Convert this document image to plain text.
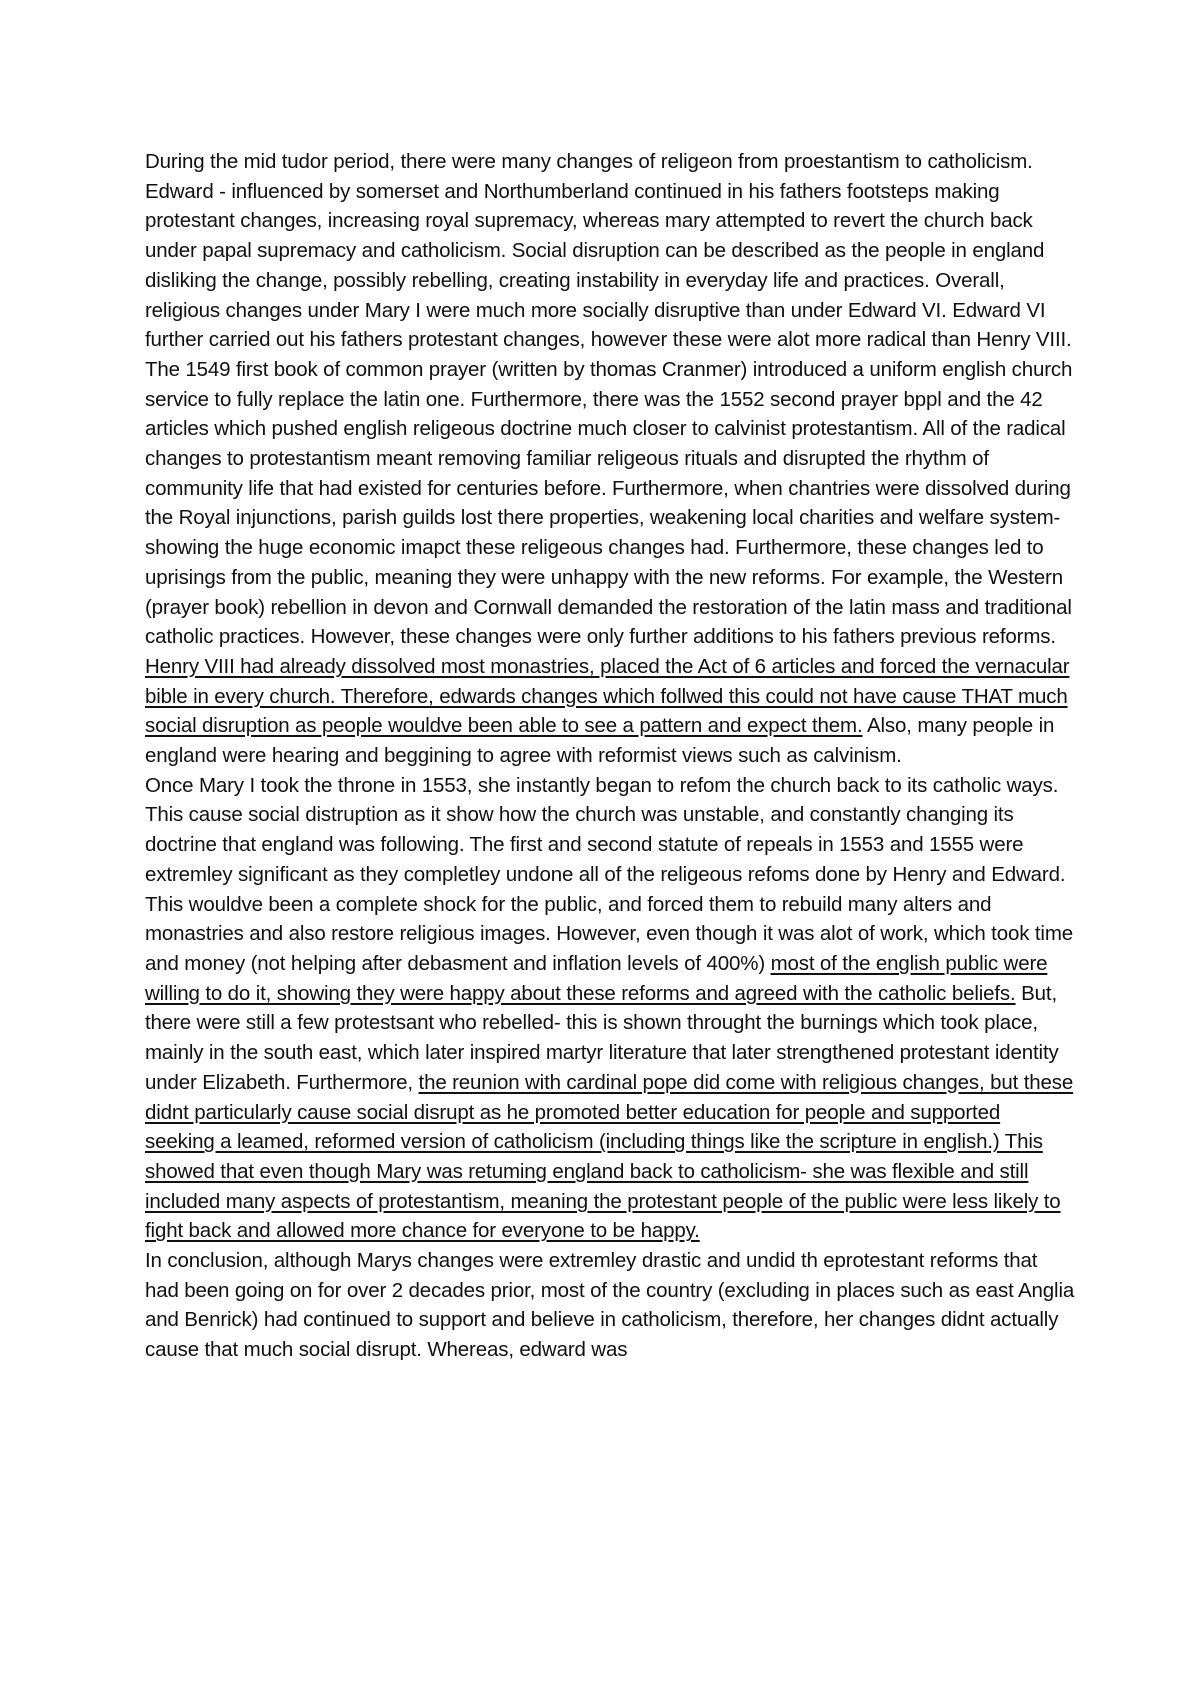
During the mid tudor period, there were many changes of religeon from proestantism to catholicism. Edward - influenced by somerset and Northumberland continued in his fathers footsteps making protestant changes, increasing royal supremacy, whereas mary attempted to revert the church back under papal supremacy and catholicism. Social disruption can be described as the people in england disliking the change, possibly rebelling, creating instability in everyday life and practices. Overall, religious changes under Mary I were much more socially disruptive than under Edward VI. Edward VI further carried out his fathers protestant changes, however these were alot more radical than Henry VIII. The 1549 first book of common prayer (written by thomas Cranmer) introduced a uniform english church service to fully replace the latin one. Furthermore, there was the 1552 second prayer bppl and the 42 articles which pushed english religeous doctrine much closer to calvinist protestantism. All of the radical changes to protestantism meant removing familiar religeous rituals and disrupted the rhythm of community life that had existed for centuries before. Furthermore, when chantries were dissolved during the Royal injunctions, parish guilds lost there properties, weakening local charities and welfare system- showing the huge economic imapct these religeous changes had. Furthermore, these changes led to uprisings from the public, meaning they were unhappy with the new reforms. For example, the Western (prayer book) rebellion in devon and Cornwall demanded the restoration of the latin mass and traditional catholic practices. However, these changes were only further additions to his fathers previous reforms. Henry VIII had already dissolved most monastries, placed the Act of 6 articles and forced the vernacular bible in every church. Therefore, edwards changes which follwed this could not have cause THAT much social disruption as people wouldve been able to see a pattern and expect them. Also, many people in england were hearing and beggining to agree with reformist views such as calvinism.

Once Mary I took the throne in 1553, she instantly began to refom the church back to its catholic ways. This cause social distruption as it show how the church was unstable, and constantly changing its doctrine that england was following. The first and second statute of repeals in 1553 and 1555 were extremley significant as they completley undone all of the religeous refoms done by Henry and Edward. This wouldve been a complete shock for the public, and forced them to rebuild many alters and monastries and also restore religious images. However, even though it was alot of work, which took time and money (not helping after debasment and inflation levels of 400%) most of the english public were willing to do it, showing they were happy about these reforms and agreed with the catholic beliefs. But, there were still a few protestsant who rebelled- this is shown throught the burnings which took place, mainly in the south east, which later inspired martyr literature that later strengthened protestant identity under Elizabeth. Furthermore, the reunion with cardinal pope did come with religious changes, but these didnt particularly cause social disrupt as he promoted better education for people and supported seeking a leamed, reformed version of catholicism (including things like the scripture in english.) This showed that even though Mary was retuming england back to catholicism- she was flexible and still included many aspects of protestantism, meaning the protestant people of the public were less likely to fight back and allowed more chance for everyone to be happy.

In conclusion, although Marys changes were extremley drastic and undid th eprotestant reforms that had been going on for over 2 decades prior, most of the country (excluding in places such as east Anglia and Benrick) had continued to support and believe in catholicism, therefore, her changes didnt actually cause that much social disrupt. Whereas, edward was
